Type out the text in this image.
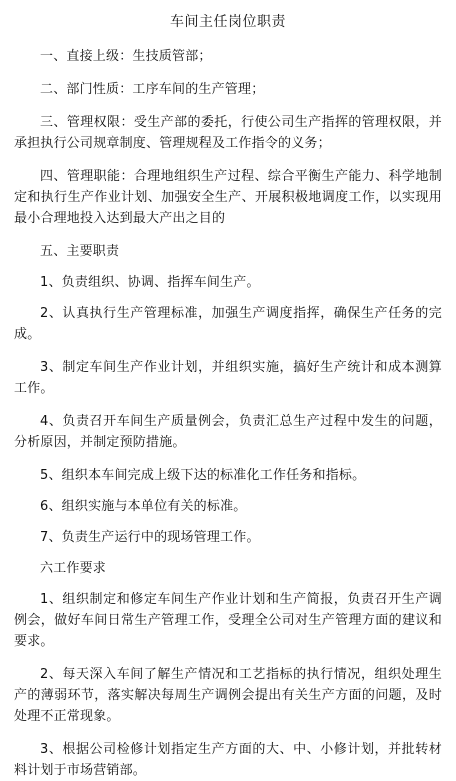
车间主任岗位职责

一、直接上级：生技质管部；

二、部门性质：工序车间的生产管理；

三、管理权限：受生产部的委托，行使公司生产指挥的管理权限，并承担执行公司规章制度、管理规程及工作指令的义务；

四、管理职能：合理地组织生产过程、综合平衡生产能力、科学地制定和执行生产作业计划、加强安全生产、开展积极地调度工作，以实现用最小合理地投入达到最大产出之目的

五、主要职责

1、负责组织、协调、指挥车间生产。

2、认真执行生产管理标准，加强生产调度指挥，确保生产任务的完成。

3、制定车间生产作业计划，并组织实施，搞好生产统计和成本测算工作。

4、负责召开车间生产质量例会，负责汇总生产过程中发生的问题，分析原因，并制定预防措施。

5、组织本车间完成上级下达的标准化工作任务和指标。

6、组织实施与本单位有关的标准。

7、负责生产运行中的现场管理工作。

六工作要求

1、组织制定和修定车间生产作业计划和生产简报，负责召开生产调例会，做好车间日常生产管理工作，受理全公司对生产管理方面的建议和要求。

2、每天深入车间了解生产情况和工艺指标的执行情况，组织处理生产的薄弱环节，落实解决每周生产调例会提出有关生产方面的问题，及时处理不正常现象。

3、根据公司检修计划指定生产方面的大、中、小修计划，并批转材料计划于市场营销部。
